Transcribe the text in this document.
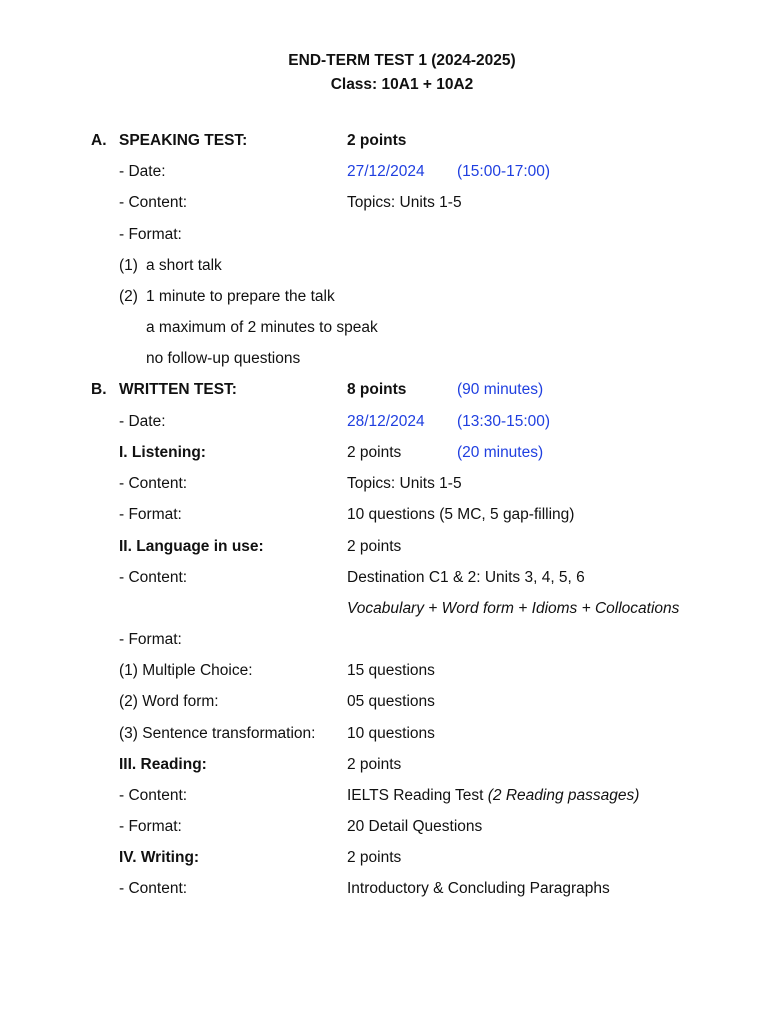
END-TERM TEST 1 (2024-2025)
Class: 10A1 + 10A2
A. SPEAKING TEST:	2 points
- Date:	27/12/2024 (15:00-17:00)
- Content:	Topics: Units 1-5
- Format:
(1) a short talk
(2) 1 minute to prepare the talk
a maximum of 2 minutes to speak
no follow-up questions
B. WRITTEN TEST:	8 points	(90 minutes)
- Date:	28/12/2024 (13:30-15:00)
I. Listening:	2 points	(20 minutes)
- Content:	Topics: Units 1-5
- Format:	10 questions (5 MC, 5 gap-filling)
II. Language in use:	2 points
- Content:	Destination C1 & 2: Units 3, 4, 5, 6
Vocabulary + Word form + Idioms + Collocations
- Format:
(1) Multiple Choice:	15 questions
(2) Word form:	05 questions
(3) Sentence transformation: 10 questions
III. Reading:	2 points
- Content:	IELTS Reading Test (2 Reading passages)
- Format:	20 Detail Questions
IV. Writing:	2 points
- Content:	Introductory & Concluding Paragraphs
